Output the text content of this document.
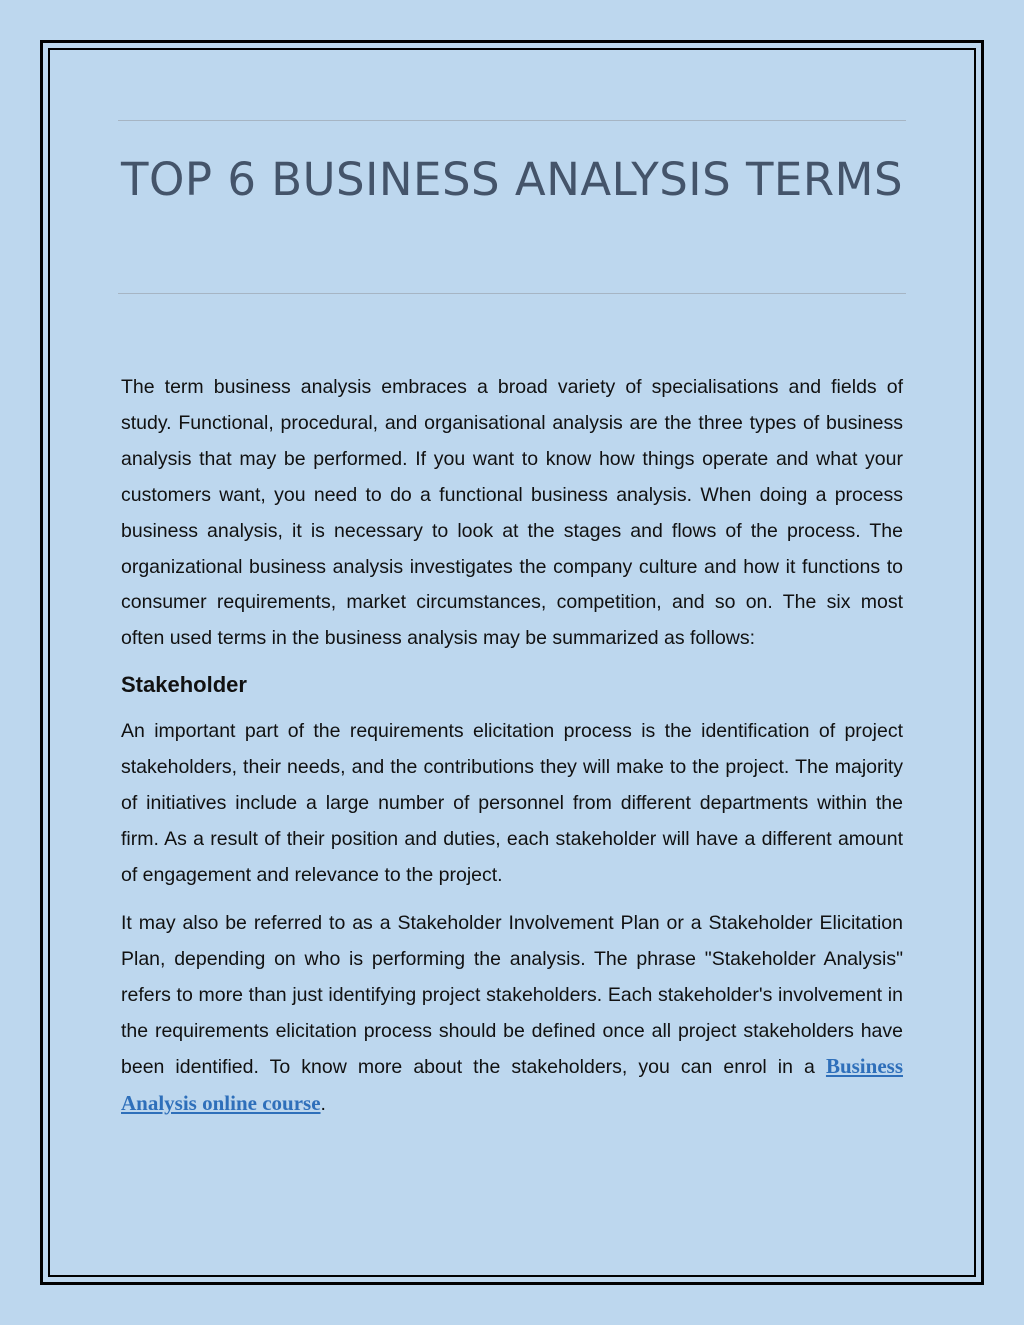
TOP 6 BUSINESS ANALYSIS TERMS

The term business analysis embraces a broad variety of specialisations and fields of study. Functional, procedural, and organisational analysis are the three types of business analysis that may be performed. If you want to know how things operate and what your customers want, you need to do a functional business analysis. When doing a process business analysis, it is necessary to look at the stages and flows of the process. The organizational business analysis investigates the company culture and how it functions to consumer requirements, market circumstances, competition, and so on. The six most often used terms in the business analysis may be summarized as follows:

Stakeholder

An important part of the requirements elicitation process is the identification of project stakeholders, their needs, and the contributions they will make to the project. The majority of initiatives include a large number of personnel from different departments within the firm. As a result of their position and duties, each stakeholder will have a different amount of engagement and relevance to the project.

It may also be referred to as a Stakeholder Involvement Plan or a Stakeholder Elicitation Plan, depending on who is performing the analysis. The phrase "Stakeholder Analysis" refers to more than just identifying project stakeholders. Each stakeholder's involvement in the requirements elicitation process should be defined once all project stakeholders have been identified. To know more about the stakeholders, you can enrol in a Business Analysis online course.
